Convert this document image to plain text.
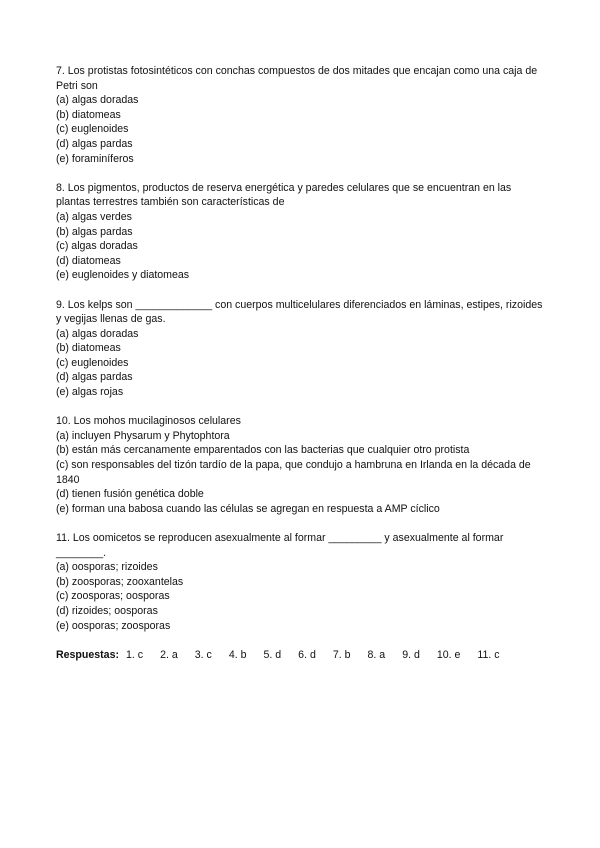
7. Los protistas fotosintéticos con conchas compuestos de dos mitades que encajan como una caja de Petri son
(a) algas doradas
(b) diatomeas
(c) euglenoides
(d) algas pardas
(e) foraminíferos
8. Los pigmentos, productos de reserva energética y paredes celulares que se encuentran en las plantas terrestres también son características de
(a) algas verdes
(b) algas pardas
(c) algas doradas
(d) diatomeas
(e) euglenoides y diatomeas
9. Los kelps son _____________ con cuerpos multicelulares diferenciados en láminas, estipes, rizoides y vegijas llenas de gas.
(a) algas doradas
(b) diatomeas
(c) euglenoides
(d) algas pardas
(e) algas rojas
10. Los mohos mucilaginosos celulares
(a) incluyen Physarum y Phytophtora
(b) están más cercanamente emparentados con las bacterias que cualquier otro protista
(c) son responsables del tizón tardío de la papa, que condujo a hambruna en Irlanda en la década de 1840
(d) tienen fusión genética doble
(e) forman una babosa cuando las células se agregan en respuesta a AMP cíclico
11. Los oomicetos se reproducen asexualmente al formar _________ y asexualmente al formar ________.
(a) oosporas; rizoides
(b) zoosporas; zooxantelas
(c) zoosporas; oosporas
(d) rizoides; oosporas
(e) oosporas; zoosporas
Respuestas: 1. c 2. a 3. c 4. b 5. d 6. d 7. b 8. a 9. d 10. e 11. c
